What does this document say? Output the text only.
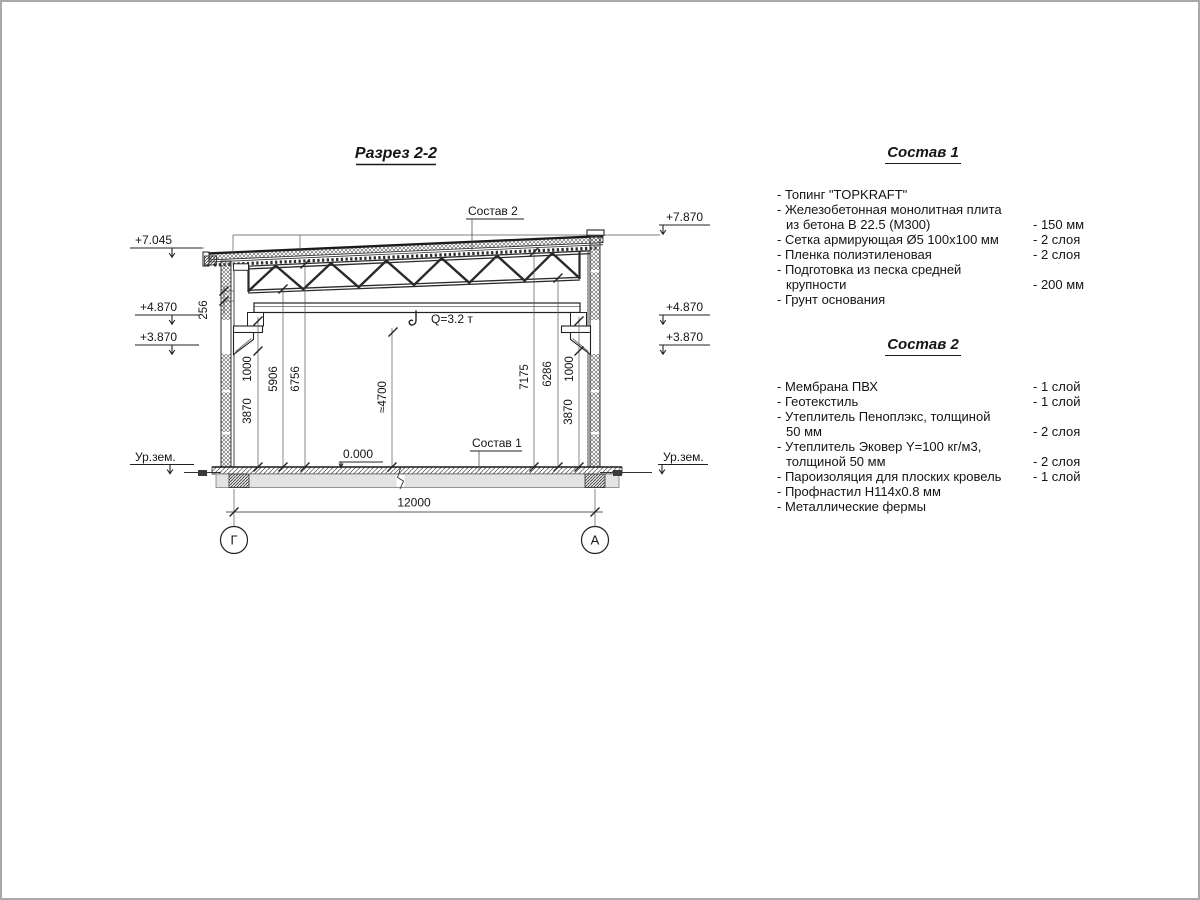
Разрез 2-2
Q=3.2 т
256
3870
1000 5906 6756
≈4700
7175 6286 1000
3870
+7.045
+4.870
+3.870
Ур.зем.
+7.870
+4.870
+3.870
Ур.зем.
Состав 2
Состав 1
0.000
12000
Г	А
Состав 1
- Топинг "TOPKRAFT"
- Железобетонная монолитная плита из бетона В 22.5 (М300)	- 150 мм
- Сетка армирующая Ø5 100х100 мм	- 2 слоя
- Пленка полиэтиленовая	- 2 слоя
- Подготовка из песка средней крупности	- 200 мм
- Грунт основания
Состав 2
- Мембрана ПВХ	- 1 слой
- Геотекстиль	- 1 слой
- Утеплитель Пеноплэкс, толщиной 50 мм	- 2 слоя
- Утеплитель Эковер Y=100 кг/м3, толщиной 50 мм	- 2 слоя
- Пароизоляция для плоских кровель	- 1 слой
- Профнастил Н114х0.8 мм
- Металлические фермы
